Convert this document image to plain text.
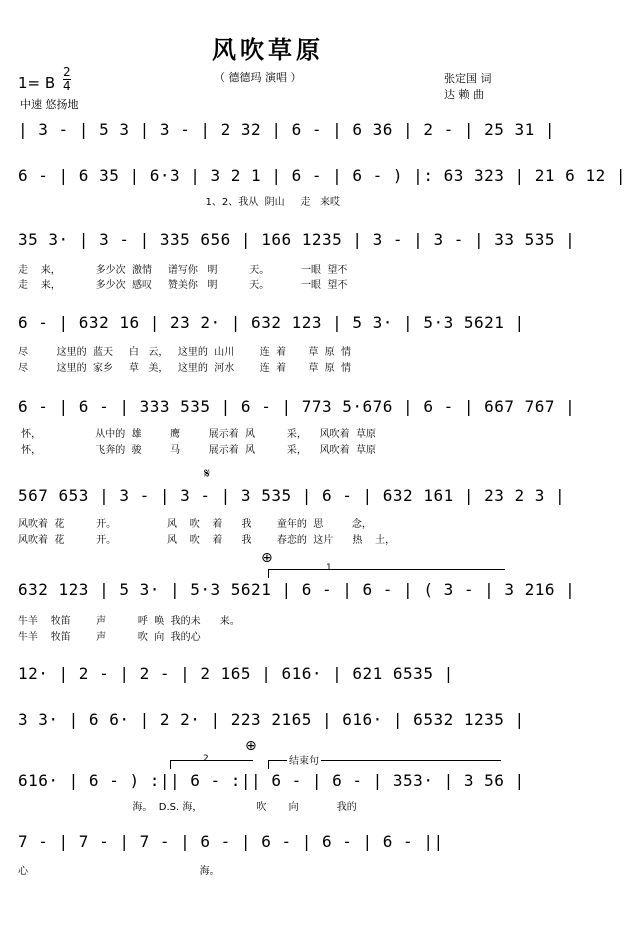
风吹草原
（ 德德玛 演唱 ）
1= B
2
4
中速 悠扬地
张定国 词
达 赖 曲
| 3 - | 5 3 | 3 - | 2 32 | 6 - | 6 36 | 2 - | 25 31 |
6 - | 6 35 | 6·3 | 3 2 1 | 6 - | 6 - ) |: 63 323 | 21 6 12 |
1、2、我从  阴山     走   来哎
35 3· | 3 - | 335 656 | 166 1235 | 3 - | 3 - | 33 535 |
走    来，           多少次  激情     谱写你   明          天。          一眼  望不
走    来，           多少次  感叹     赞美你   明          天。          一眼  望不
6 - | 632 16 | 23 2· | 632 123 | 5 3· | 5·3 5621 |
尽         这里的  蓝天     白   云，   这里的  山川        连  着       草  原  情
尽         这里的  家乡     草   美，   这里的  河水        连  着       草  原  情
6 - | 6 - | 333 535 | 6 - | 773 5·676 | 6 - | 667 767 |
怀，                 从中的  雄         鹰         展示着  风          采，    风吹着  草原
怀，                 飞奔的  骏         马         展示着  风          采，    风吹着  草原
𝄋
567 653 | 3 - | 3 - | 3 535 | 6 - | 632 161 | 23 2 3 |
风吹着  花          开。                风    吹    着      我        童年的  思         念，
风吹着  花          开。                风    吹    着      我        春恋的  这片      热    土，
⊕
1
632 123 | 5 3· | 5·3 5621 | 6 - | 6 - | ( 3 - | 3 216 |
牛羊    牧笛        声          呼  唤  我的未      来。
牛羊    牧笛        声          吹  向  我的心
12· | 2 - | 2 - | 2 165 | 616· | 621 6535 |
3 3· | 6 6· | 2 2· | 223 2165 | 616· | 6532 1235 |
2
⊕
结束句
616· | 6 - ) :|| 6 - :|| 6 - | 6 - | 353· | 3 56 |
海。  D.S. 海，                 吹       向            我的
7 - | 7 - | 7 - | 6 - | 6 - | 6 - | 6 - ||
心                                                      海。
